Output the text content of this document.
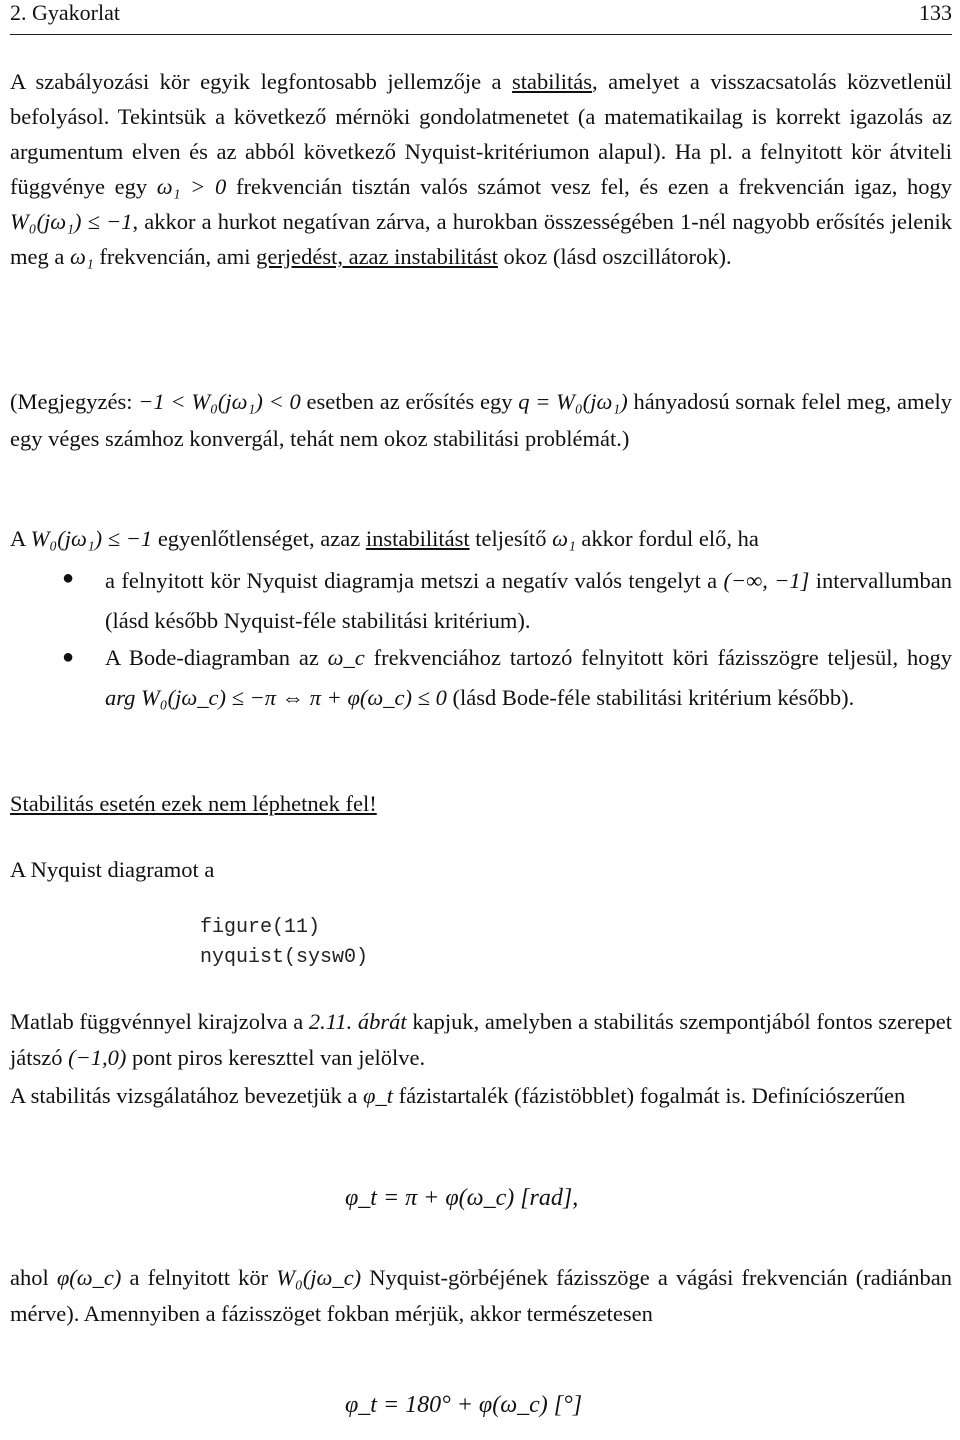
2. Gyakorlat	133

A szabályozási kör egyik legfontosabb jellemzője a stabilitás, amelyet a visszacsatolás közvetlenül befolyásol. Tekintsük a következő mérnöki gondolatmenetet (a matematikailag is korrekt igazolás az argumentum elven és az abból következő Nyquist-kritériumon alapul). Ha pl. a felnyitott kör átviteli függvénye egy ω₁ > 0 frekvencián tisztán valós számot vesz fel, és ezen a frekvencián igaz, hogy W₀(jω₁) ≤ −1, akkor a hurkot negatívan zárva, a hurokban összességében 1-nél nagyobb erősítés jelenik meg a ω₁ frekvencián, ami gerjedést, azaz instabilitást okoz (lásd oszcillátorok).

(Megjegyzés: −1 < W₀(jω₁) < 0 esetben az erősítés egy q = W₀(jω₁) hányadosú sornak felel meg, amely egy véges számhoz konvergál, tehát nem okoz stabilitási problémát.)

A W₀(jω₁) ≤ −1 egyenlőtlenséget, azaz instabilitást teljesítő ω₁ akkor fordul elő, ha

● a felnyitott kör Nyquist diagramja metszi a negatív valós tengelyt a (−∞, −1] intervallumban (lásd később Nyquist-féle stabilitási kritérium).

● A Bode-diagramban az ω_c frekvenciához tartozó felnyitott köri fázisszögre teljesül, hogy arg W₀(jω_c) ≤ −π ⇔ π + φ(ω_c) ≤ 0 (lásd Bode-féle stabilitási kritérium később).

Stabilitás esetén ezek nem léphetnek fel!

A Nyquist diagramot a

figure(11)
nyquist(sysw0)

Matlab függvénnyel kirajzolva a 2.11. ábrát kapjuk, amelyben a stabilitás szempontjából fontos szerepet játszó (−1,0) pont piros kereszttel van jelölve.

A stabilitás vizsgálatához bevezetjük a φ_t fázistartalék (fázistöbblet) fogalmát is. Definíciószerűen

φ_t = π + φ(ω_c) [rad],

ahol φ(ω_c) a felnyitott kör W₀(jω_c) Nyquist-görbéjének fázisszöge a vágási frekvencián (radiánban mérve). Amennyiben a fázisszöget fokban mérjük, akkor természetesen

φ_t = 180° + φ(ω_c) [°]
